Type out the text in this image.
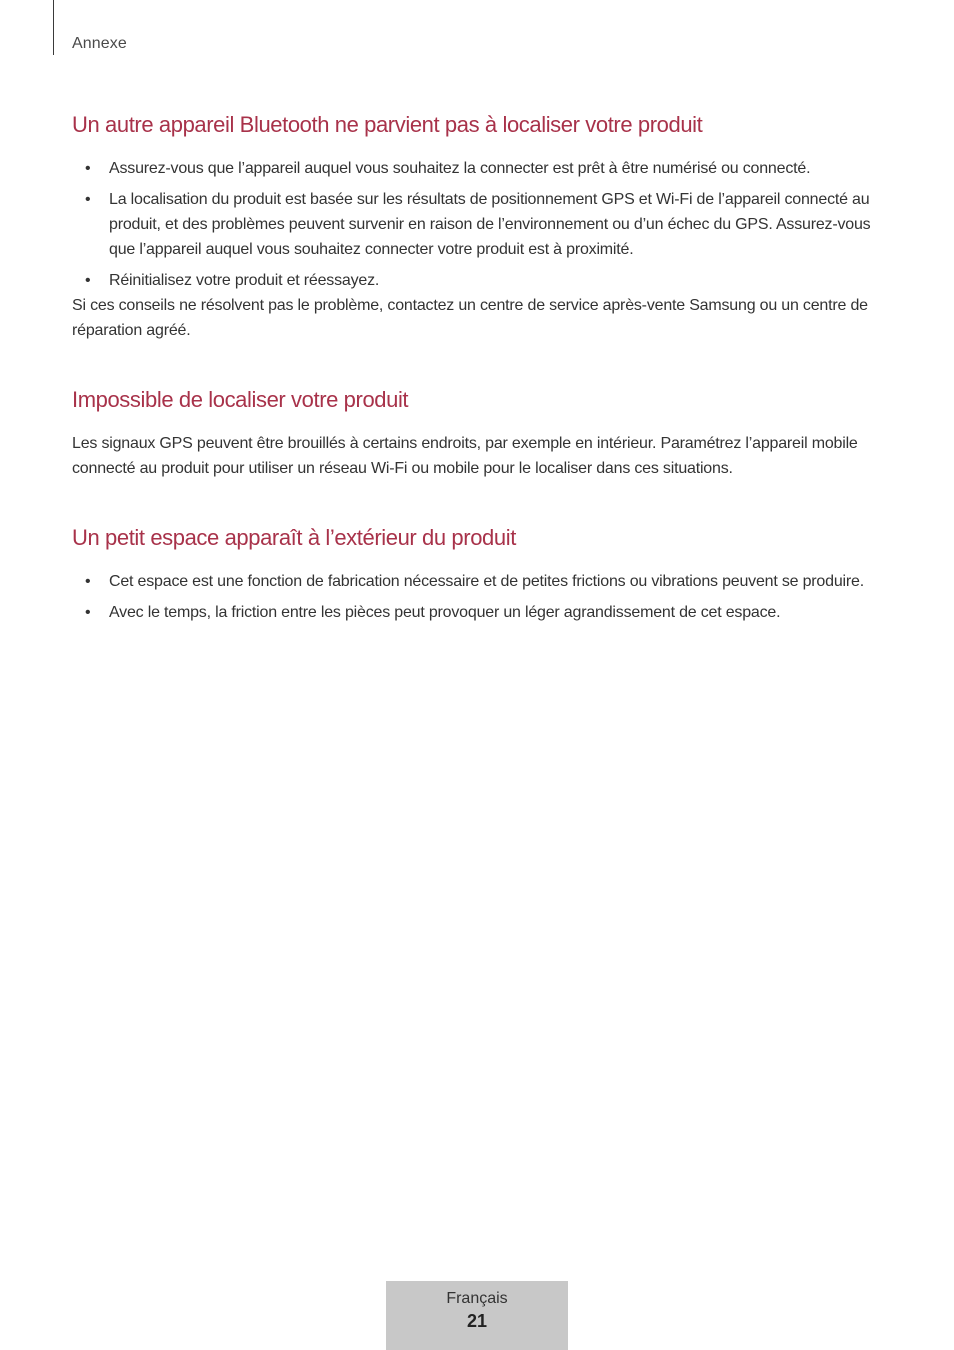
Annexe
Un autre appareil Bluetooth ne parvient pas à localiser votre produit
• Assurez-vous que l’appareil auquel vous souhaitez la connecter est prêt à être numérisé ou connecté.
• La localisation du produit est basée sur les résultats de positionnement GPS et Wi-Fi de l’appareil connecté au produit, et des problèmes peuvent survenir en raison de l’environnement ou d’un échec du GPS. Assurez-vous que l’appareil auquel vous souhaitez connecter votre produit est à proximité.
• Réinitialisez votre produit et réessayez.

Si ces conseils ne résolvent pas le problème, contactez un centre de service après-vente Samsung ou un centre de réparation agréé.

Impossible de localiser votre produit

Les signaux GPS peuvent être brouillés à certains endroits, par exemple en intérieur. Paramétrez l’appareil mobile connecté au produit pour utiliser un réseau Wi-Fi ou mobile pour le localiser dans ces situations.

Un petit espace apparaît à l’extérieur du produit
• Cet espace est une fonction de fabrication nécessaire et de petites frictions ou vibrations peuvent se produire.
• Avec le temps, la friction entre les pièces peut provoquer un léger agrandissement de cet espace.
Français
21
